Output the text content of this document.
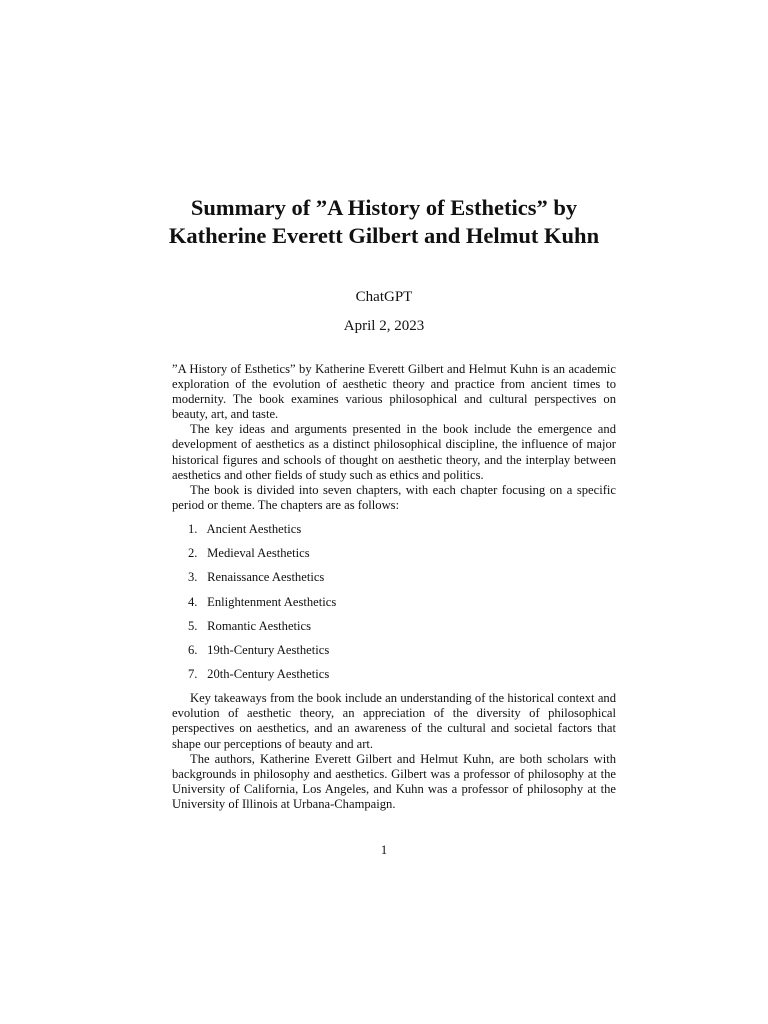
Summary of ”A History of Esthetics” by Katherine Everett Gilbert and Helmut Kuhn
ChatGPT
April 2, 2023

”A History of Esthetics” by Katherine Everett Gilbert and Helmut Kuhn is an academic exploration of the evolution of aesthetic theory and practice from ancient times to modernity. The book examines various philosophical and cultural perspectives on beauty, art, and taste.

The key ideas and arguments presented in the book include the emergence and development of aesthetics as a distinct philosophical discipline, the influence of major historical figures and schools of thought on aesthetic theory, and the interplay between aesthetics and other fields of study such as ethics and politics.

The book is divided into seven chapters, with each chapter focusing on a specific period or theme. The chapters are as follows:

1. Ancient Aesthetics
2. Medieval Aesthetics
3. Renaissance Aesthetics
4. Enlightenment Aesthetics
5. Romantic Aesthetics
6. 19th-Century Aesthetics
7. 20th-Century Aesthetics

Key takeaways from the book include an understanding of the historical context and evolution of aesthetic theory, an appreciation of the diversity of philosophical perspectives on aesthetics, and an awareness of the cultural and societal factors that shape our perceptions of beauty and art.

The authors, Katherine Everett Gilbert and Helmut Kuhn, are both scholars with backgrounds in philosophy and aesthetics. Gilbert was a professor of philosophy at the University of California, Los Angeles, and Kuhn was a professor of philosophy at the University of Illinois at Urbana-Champaign.

1
